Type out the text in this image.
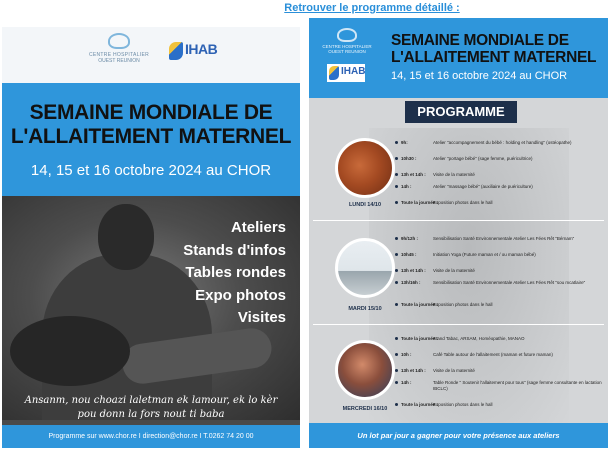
Retrouver le programme détaillé :
CENTRE HOSPITALIER
OUEST REUNION
IHAB
SEMAINE MONDIALE DE
L'ALLAITEMENT MATERNEL
14, 15 et 16 octobre 2024 au CHOR
Ateliers
Stands d'infos
Tables rondes
Expo photos
Visites
Ansanm, nou choazi laletman ek lamour, ek lo kèr
pou donn la fors nout ti baba
Programme sur www.chor.re I direction@chor.re I T.0262 74 20 00
CENTRE HOSPITALIER
OUEST REUNION
IHAB
SEMAINE MONDIALE DE
L'ALLAITEMENT MATERNEL
14, 15 et 16 octobre 2024 au CHOR
PROGRAMME
LUNDI 14/10
9h:	Atelier "accompagnement du bébé : holding et handling" (ostéopathe)
10h30 :	Atelier "portage bébé" (sage femme, puéricultrice)
13h et 14h :	Visite de la maternité
14h :	Atelier "massage bébé" (auxiliaire de puériculture)
Toute la journée :
Exposition photos dans le hall
MARDI 15/10
9h/12h :	Sensibilisation Santé Environnementale Atelier Les Fées Rêt "Bérnam"
10h45 :	Initiation Yoga (Future maman et / ou maman bébé)
13h et 14h :	Visite de la maternité
13h/16h :	Sensibilisation Santé Environnementale Atelier Les Fées Rêt "sou mcatlaire"
Toute la journée :
Exposition photos dans le hall
MERCREDI 16/10
Toute la journée :
Stand Tabac, ARSAM, Homéopathie, MANAO
10h :	Café Table autour de l'allaitement (maman et future maman)
13h et 14h :	Visite de la maternité
14h :	Table Ronde " Soutenir l'allaitement pour tous" (sage femme consultante en lactation IBCLC)
Toute la journée :
Exposition photos dans le hall
Un lot par jour a gagner pour votre présence aux ateliers
